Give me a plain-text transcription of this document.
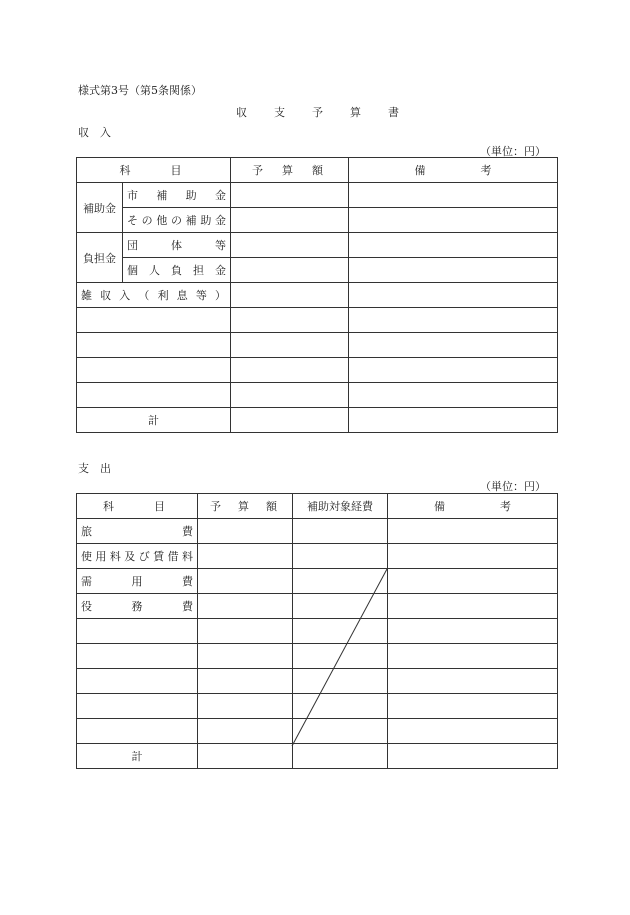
様式第3号（第5条関係）
収　支　予　算　書
収　入
（単位：円）
科　　目		予　算　額	備　　　　　考
補助金	市補助金		
	その他の補助金		
負担金	団体等		
	個人負担金		
雑収入（利息等）			

計			
支　出
（単位：円）
科　　目	予　算　額	補助対象経費	備　　　　　考
旅費			
使用料及び賃借料			
需用費			
役務費			

計			
